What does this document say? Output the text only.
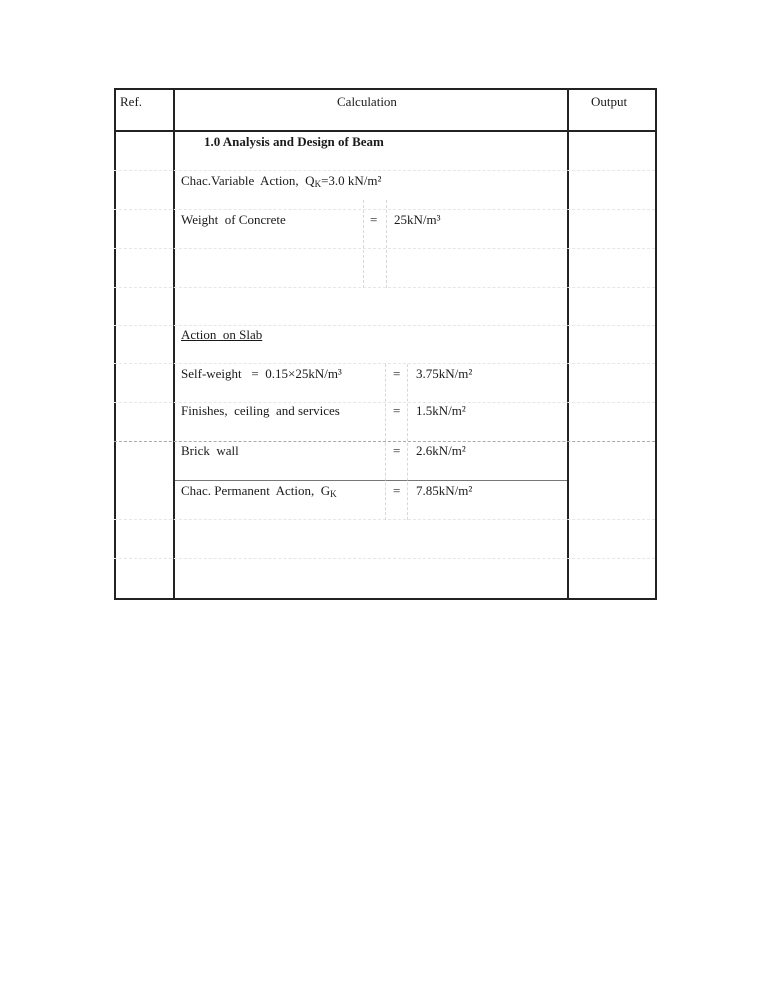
Ref.	Calculation	Output
1.0 Analysis and Design of Beam
Chac.Variable  Action,  $Q_K=3.0$ kN/m²
Weight  of Concrete	= 25kN/m³
Action  on Slab
Self-weight   =  0.15×25kN/m³	= 3.75kN/m²
Finishes,  ceiling  and services	= 1.5kN/m²
Brick  wall	= 2.6kN/m²
Chac. Permanent  Action,  $G_K$	= 7.85kN/m²
